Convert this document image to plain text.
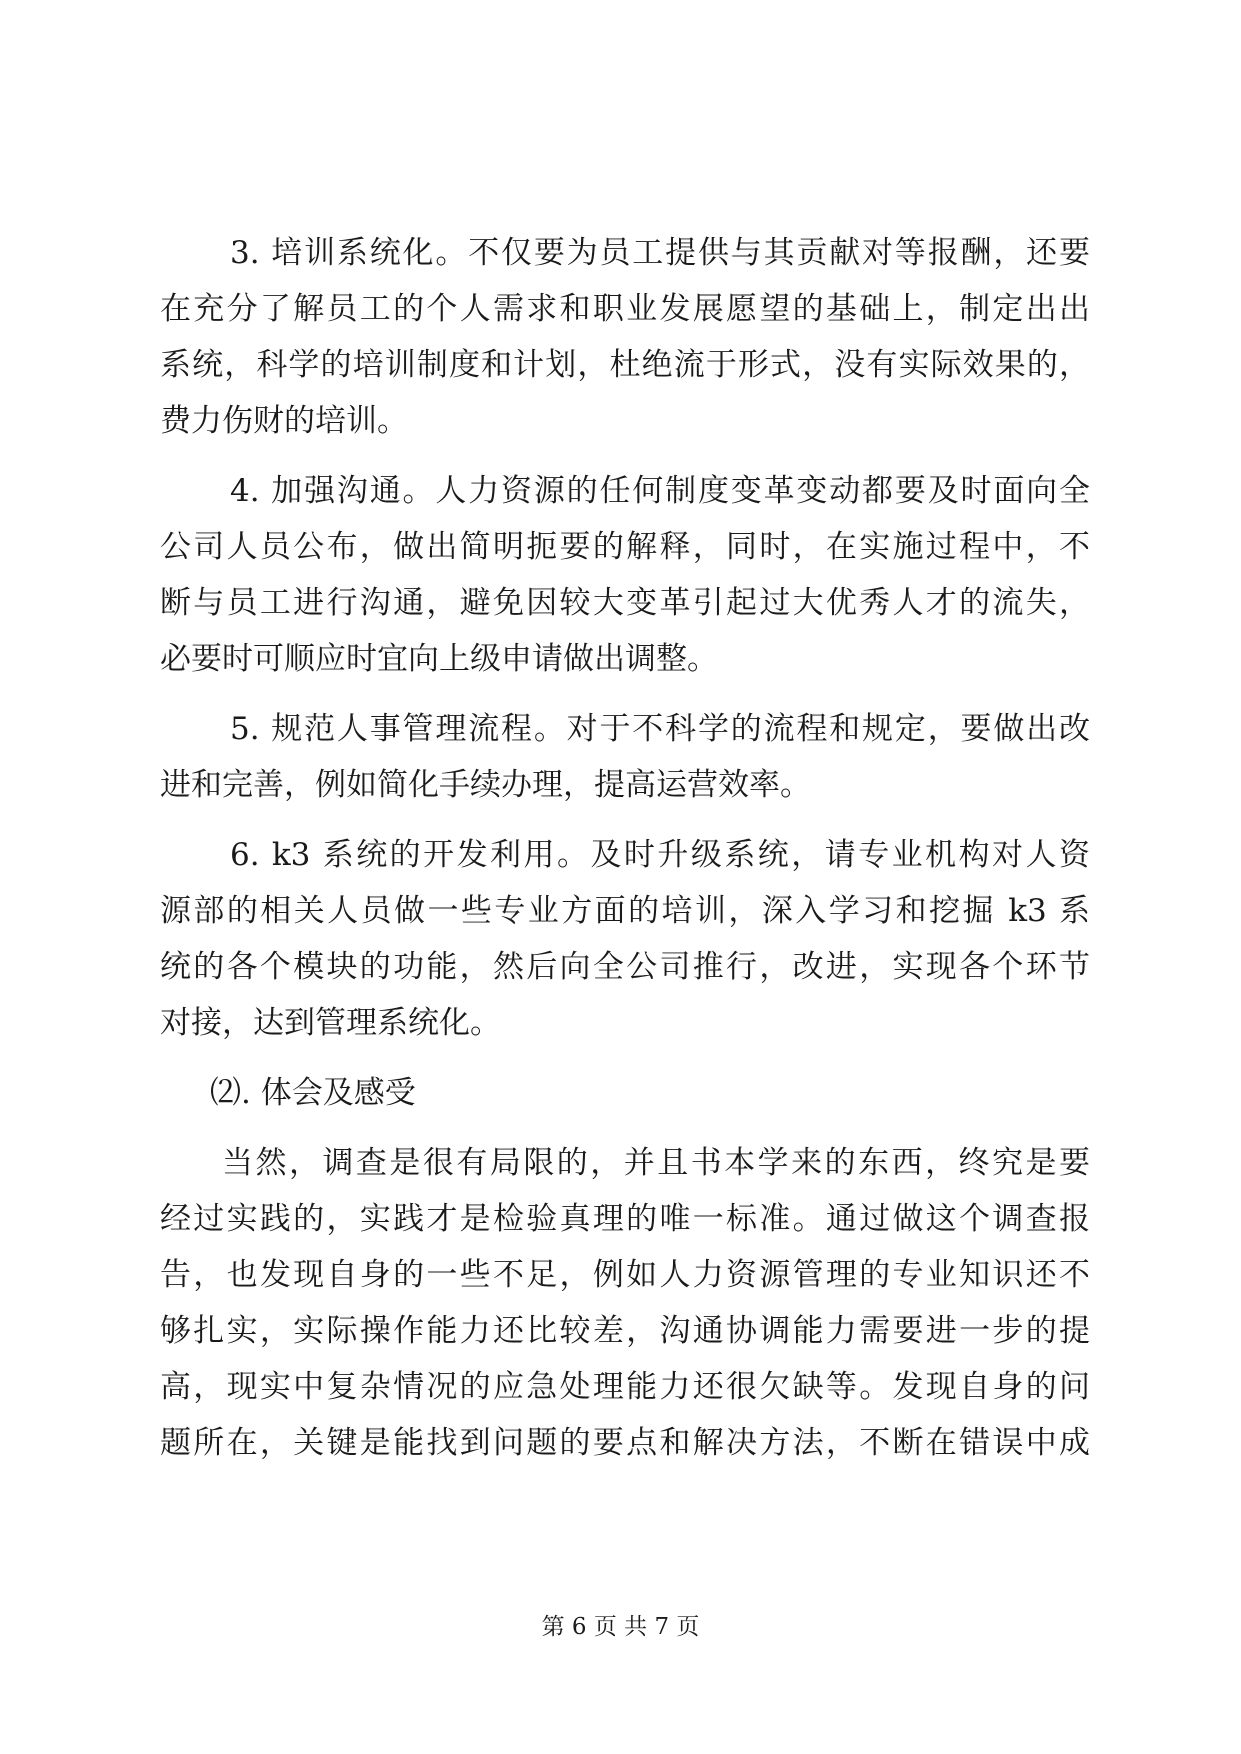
3. 培训系统化。不仅要为员工提供与其贡献对等报酬，还要
在充分了解员工的个人需求和职业发展愿望的基础上，制定出出
系统，科学的培训制度和计划，杜绝流于形式，没有实际效果的，
费力伤财的培训。
4. 加强沟通。人力资源的任何制度变革变动都要及时面向全
公司人员公布，做出简明扼要的解释，同时，在实施过程中，不
断与员工进行沟通，避免因较大变革引起过大优秀人才的流失，
必要时可顺应时宜向上级申请做出调整。
5. 规范人事管理流程。对于不科学的流程和规定，要做出改
进和完善，例如简化手续办理，提高运营效率。
6. k3 系统的开发利用。及时升级系统，请专业机构对人资
源部的相关人员做一些专业方面的培训，深入学习和挖掘 k3 系
统的各个模块的功能，然后向全公司推行，改进，实现各个环节
对接，达到管理系统化。
⑵. 体会及感受
当然，调查是很有局限的，并且书本学来的东西，终究是要
经过实践的，实践才是检验真理的唯一标准。通过做这个调查报
告，也发现自身的一些不足，例如人力资源管理的专业知识还不
够扎实，实际操作能力还比较差，沟通协调能力需要进一步的提
高，现实中复杂情况的应急处理能力还很欠缺等。发现自身的问
题所在，关键是能找到问题的要点和解决方法，不断在错误中成
第 6 页 共 7 页
